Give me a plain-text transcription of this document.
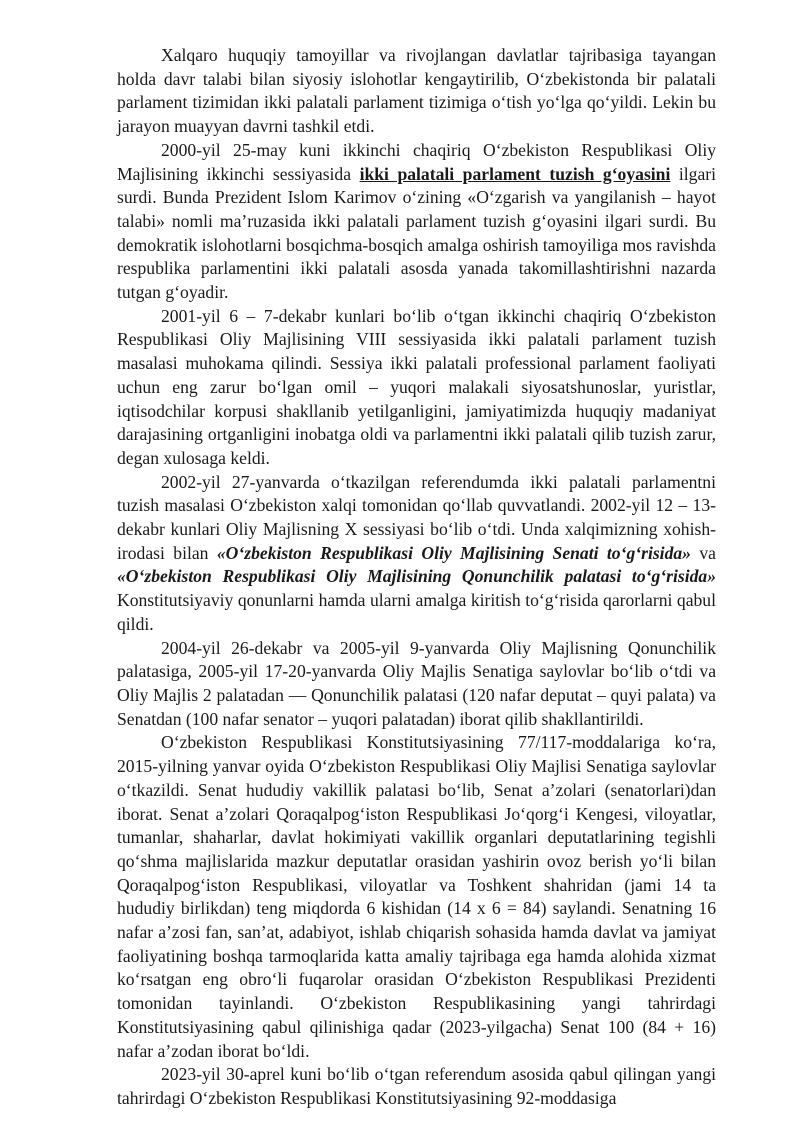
Xalqaro huquqiy tamoyillar va rivojlangan davlatlar tajribasiga tayangan holda davr talabi bilan siyosiy islohotlar kengaytirilib, O‘zbekistonda bir palatali parlament tizimidan ikki palatali parlament tizimiga o‘tish yo‘lga qo‘yildi. Lekin bu jarayon muayyan davrni tashkil etdi.

2000-yil 25-may kuni ikkinchi chaqiriq O‘zbekiston Respublikasi Oliy Majlisining ikkinchi sessiyasida ikki palatali parlament tuzish g‘oyasini ilgari surdi. Bunda Prezident Islom Karimov o‘zining «O‘zgarish va yangilanish – hayot talabi» nomli ma’ruzasida ikki palatali parlament tuzish g‘oyasini ilgari surdi. Bu demokratik islohotlarni bosqichma-bosqich amalga oshirish tamoyiliga mos ravishda respublika parlamentini ikki palatali asosda yanada takomillashtirishni nazarda tutgan g‘oyadir.

2001-yil 6 – 7-dekabr kunlari bo‘lib o‘tgan ikkinchi chaqiriq O‘zbekiston Respublikasi Oliy Majlisining VIII sessiyasida ikki palatali parlament tuzish masalasi muhokama qilindi. Sessiya ikki palatali professional parlament faoliyati uchun eng zarur bo‘lgan omil – yuqori malakali siyosatshunoslar, yuristlar, iqtisodchilar korpusi shakllanib yetilganligini, jamiyatimizda huquqiy madaniyat darajasining ortganligini inobatga oldi va parlamentni ikki palatali qilib tuzish zarur, degan xulosaga keldi.

2002-yil 27-yanvarda o‘tkazilgan referendumda ikki palatali parlamentni tuzish masalasi O‘zbekiston xalqi tomonidan qo‘llab quvvatlandi. 2002-yil 12 – 13-dekabr kunlari Oliy Majlisning X sessiyasi bo‘lib o‘tdi. Unda xalqimizning xohish-irodasi bilan «O‘zbekiston Respublikasi Oliy Majlisining Senati to‘g‘risida» va «O‘zbekiston Respublikasi Oliy Majlisining Qonunchilik palatasi to‘g‘risida» Konstitutsiyaviy qonunlarni hamda ularni amalga kiritish to‘g‘risida qarorlarni qabul qildi.

2004-yil 26-dekabr va 2005-yil 9-yanvarda Oliy Majlisning Qonunchilik palatasiga, 2005-yil 17-20-yanvarda Oliy Majlis Senatiga saylovlar bo‘lib o‘tdi va Oliy Majlis 2 palatadan — Qonunchilik palatasi (120 nafar deputat – quyi palata) va Senatdan (100 nafar senator – yuqori palatadan) iborat qilib shakllantirildi.

O‘zbekiston Respublikasi Konstitutsiyasining 77/117-moddalariga ko‘ra, 2015-yilning yanvar oyida O‘zbekiston Respublikasi Oliy Majlisi Senatiga saylovlar o‘tkazildi. Senat hududiy vakillik palatasi bo‘lib, Senat a’zolari (senatorlari)dan iborat. Senat a’zolari Qoraqalpog‘iston Respublikasi Jo‘qorg‘i Kengesi, viloyatlar, tumanlar, shaharlar, davlat hokimiyati vakillik organlari deputatlarining tegishli qo‘shma majlislarida mazkur deputatlar orasidan yashirin ovoz berish yo‘li bilan Qoraqalpog‘iston Respublikasi, viloyatlar va Toshkent shahridan (jami 14 ta hududiy birlikdan) teng miqdorda 6 kishidan (14 x 6 = 84) saylandi. Senatning 16 nafar a’zosi fan, san’at, adabiyot, ishlab chiqarish sohasida hamda davlat va jamiyat faoliyatining boshqa tarmoqlarida katta amaliy tajribaga ega hamda alohida xizmat ko‘rsatgan eng obro‘li fuqarolar orasidan O‘zbekiston Respublikasi Prezidenti tomonidan tayinlandi. O‘zbekiston Respublikasining yangi tahrirdagi Konstitutsiyasining qabul qilinishiga qadar (2023-yilgacha) Senat 100 (84 + 16) nafar a’zodan iborat bo‘ldi.

2023-yil 30-aprel kuni bo‘lib o‘tgan referendum asosida qabul qilingan yangi tahrirdagi O‘zbekiston Respublikasi Konstitutsiyasining 92-moddasiga
